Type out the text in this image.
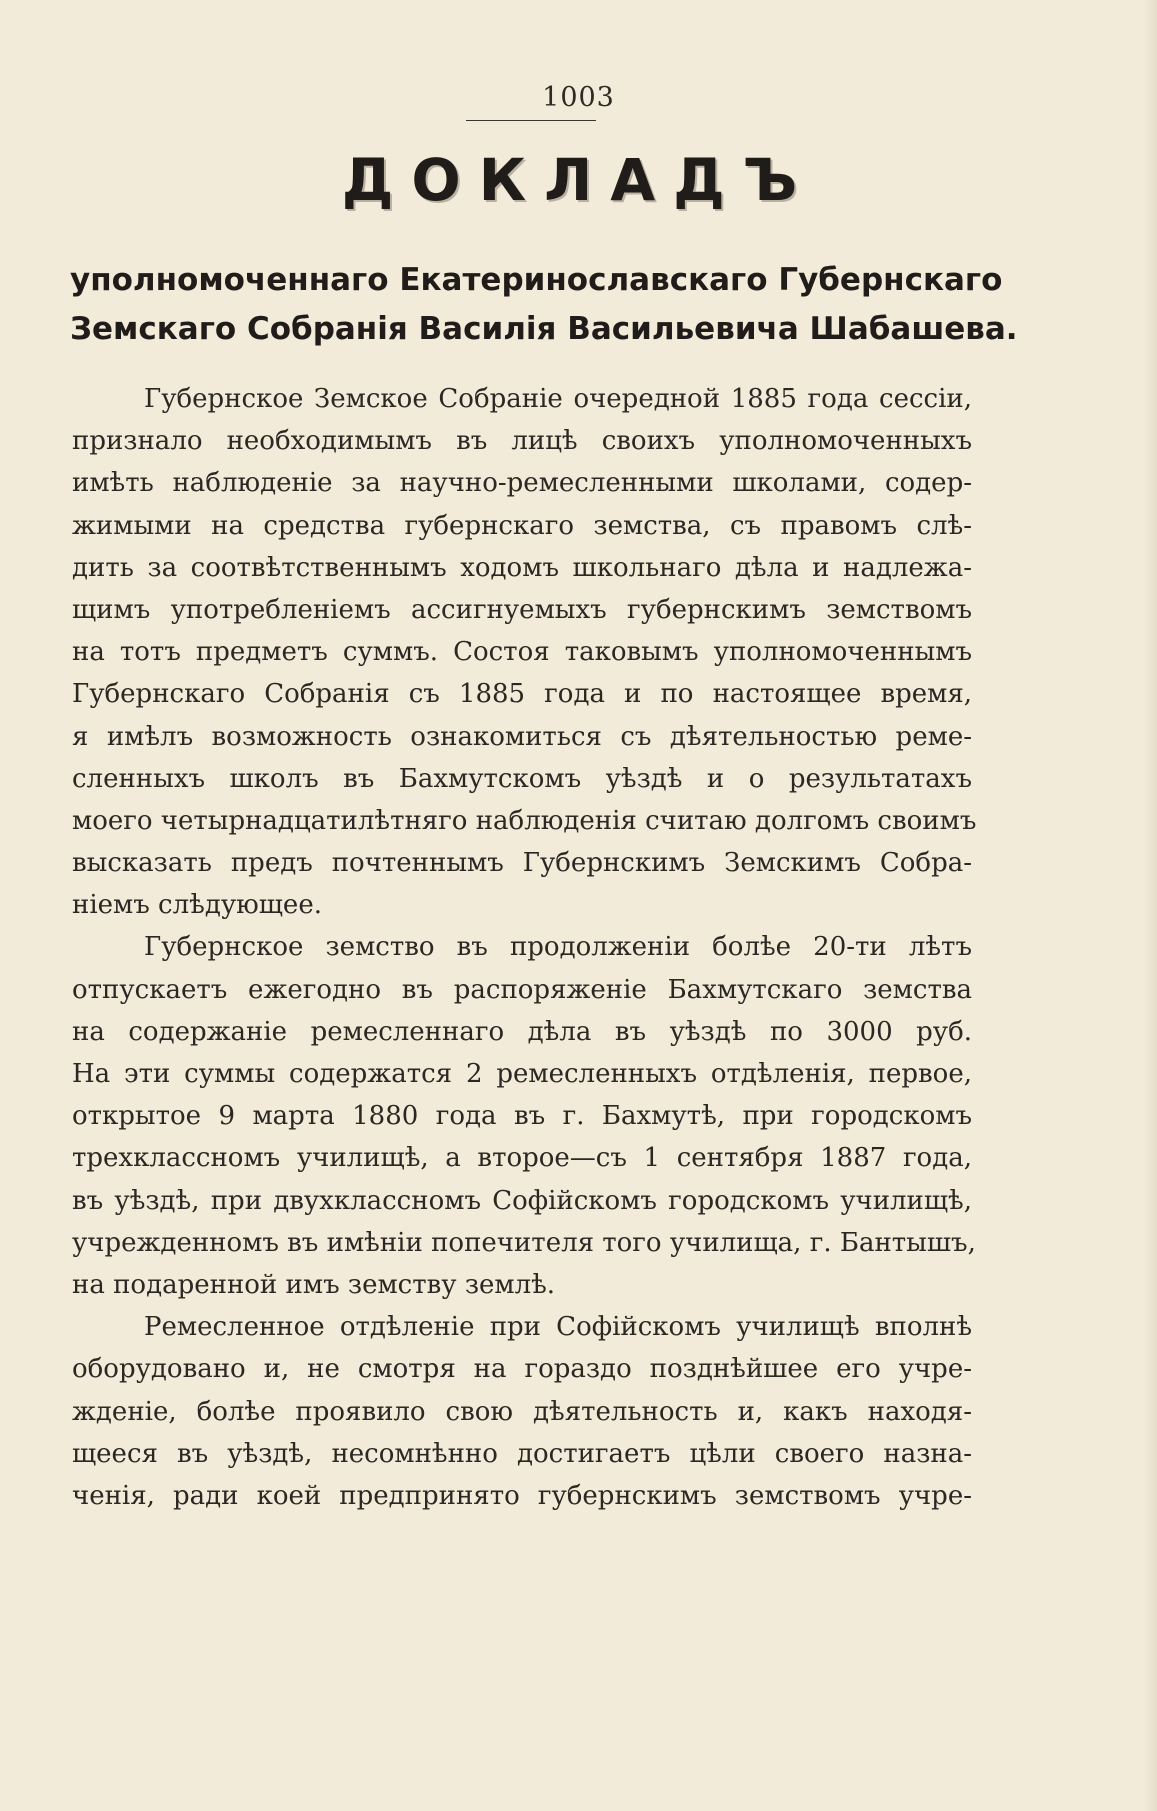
1003
ДОКЛАДЪ
уполномоченнаго Екатеринославскаго Губернскаго
Земскаго Собранія Василія Васильевича Шабашева.
Губернское Земское Собраніе очередной 1885 года сессіи,
признало необходимымъ въ лицѣ своихъ уполномоченныхъ
имѣть наблюденіе за научно-ремесленными школами, содер-
жимыми на средства губернскаго земства, съ правомъ слѣ-
дить за соотвѣтственнымъ ходомъ школьнаго дѣла и надлежа-
щимъ употребленіемъ ассигнуемыхъ губернскимъ земствомъ
на тотъ предметъ суммъ. Состоя таковымъ уполномоченнымъ
Губернскаго Собранія съ 1885 года и по настоящее время,
я имѣлъ возможность ознакомиться съ дѣятельностью реме-
сленныхъ школъ въ Бахмутскомъ уѣздѣ и о результатахъ
моего четырнадцатилѣтняго наблюденія считаю долгомъ своимъ
высказать предъ почтеннымъ Губернскимъ Земскимъ Собра-
ніемъ слѣдующее.
Губернское земство въ продолженіи болѣе 20-ти лѣтъ
отпускаетъ ежегодно въ распоряженіе Бахмутскаго земства
на содержаніе ремесленнаго дѣла въ уѣздѣ по 3000 руб.
На эти суммы содержатся 2 ремесленныхъ отдѣленія, первое,
открытое 9 марта 1880 года въ г. Бахмутѣ, при городскомъ
трехклассномъ училищѣ, а второе—съ 1 сентября 1887 года,
въ уѣздѣ, при двухклассномъ Софійскомъ городскомъ училищѣ,
учрежденномъ въ имѣніи попечителя того училища, г. Бантышъ,
на подаренной имъ земству землѣ.
Ремесленное отдѣленіе при Софійскомъ училищѣ вполнѣ
оборудовано и, не смотря на гораздо позднѣйшее его учре-
жденіе, болѣе проявило свою дѣятельность и, какъ находя-
щееся въ уѣздѣ, несомнѣнно достигаетъ цѣли своего назна-
ченія, ради коей предпринято губернскимъ земствомъ учре-
